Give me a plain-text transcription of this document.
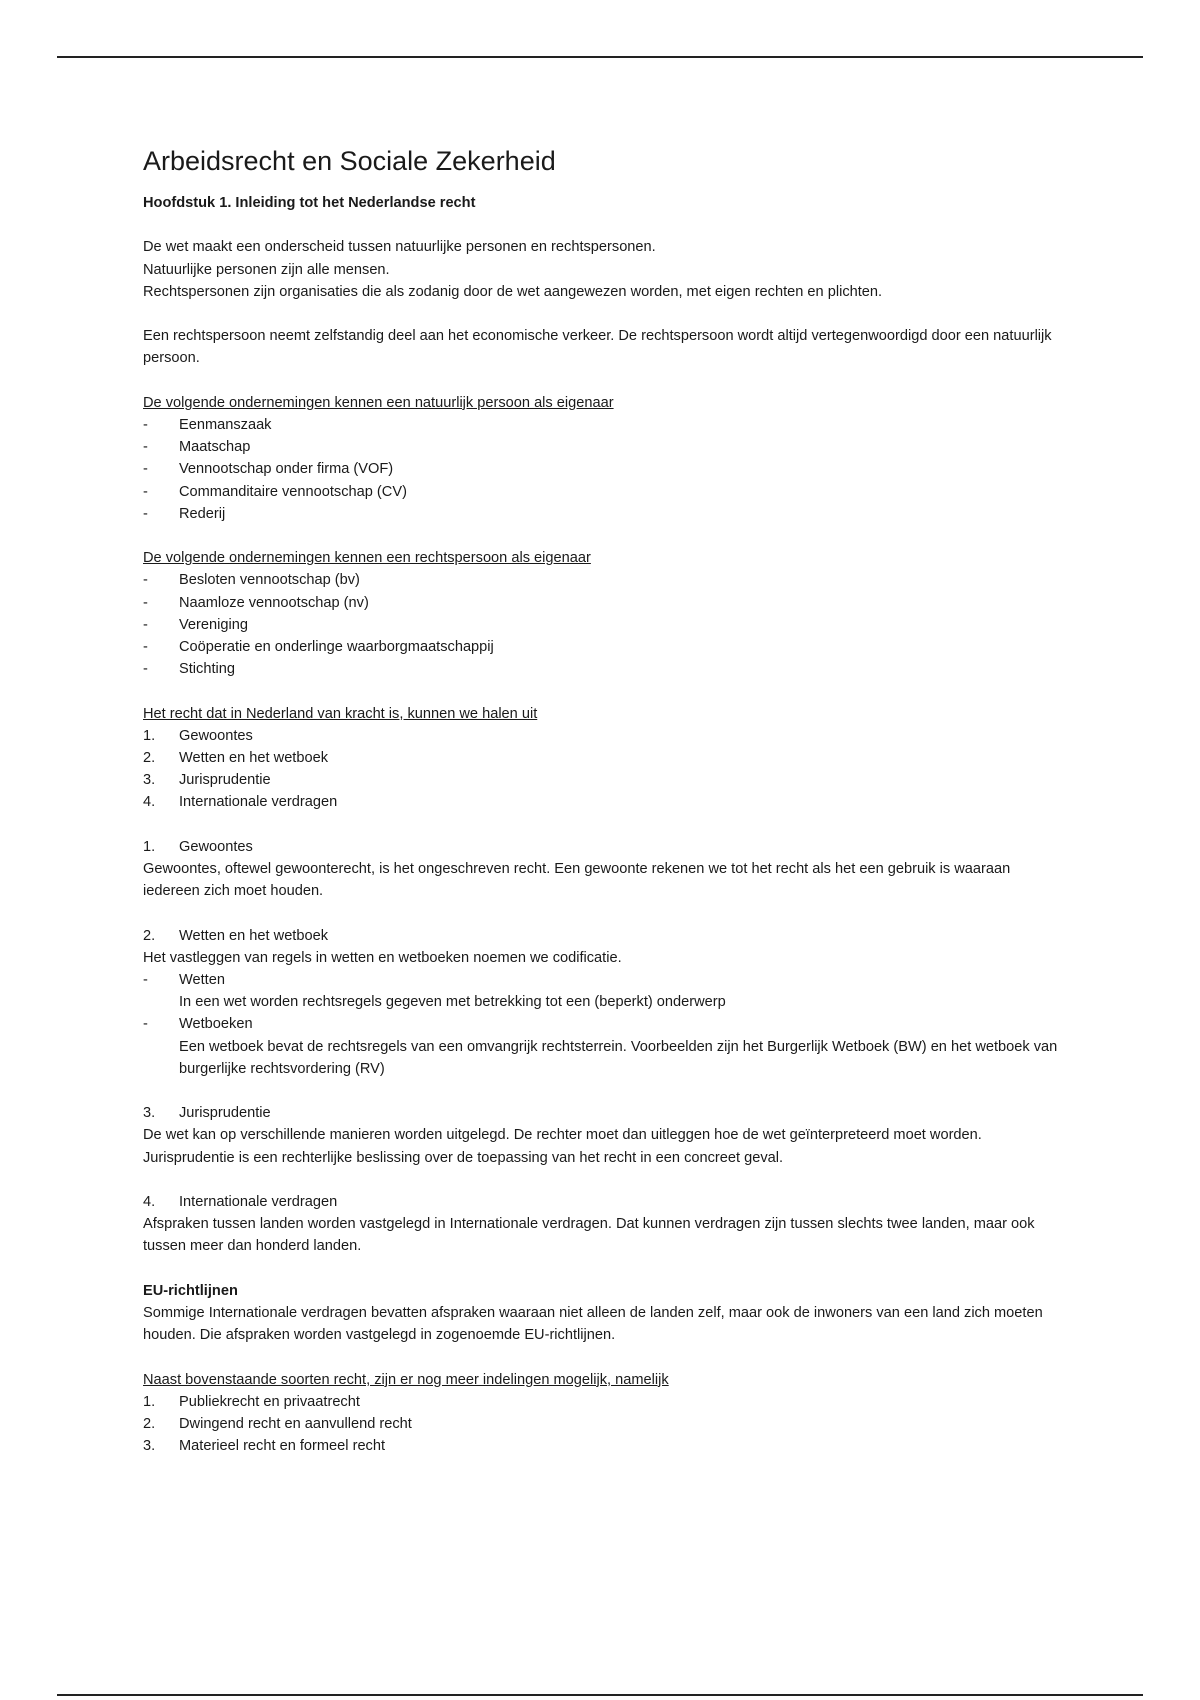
Arbeidsrecht en Sociale Zekerheid

Hoofdstuk 1. Inleiding tot het Nederlandse recht

De wet maakt een onderscheid tussen natuurlijke personen en rechtspersonen.

Natuurlijke personen zijn alle mensen.

Rechtspersonen zijn organisaties die als zodanig door de wet aangewezen worden, met eigen rechten en plichten.

Een rechtspersoon neemt zelfstandig deel aan het economische verkeer. De rechtspersoon wordt altijd vertegenwoordigd door een natuurlijk persoon.

De volgende ondernemingen kennen een natuurlijk persoon als eigenaar

-	Eenmanszaak
-	Maatschap
-	Vennootschap onder firma (VOF)
-	Commanditaire vennootschap (CV)
-	Rederij

De volgende ondernemingen kennen een rechtspersoon als eigenaar

-	Besloten vennootschap (bv)
-	Naamloze vennootschap (nv)
-	Vereniging
-	Coöperatie en onderlinge waarborgmaatschappij
-	Stichting

Het recht dat in Nederland van kracht is, kunnen we halen uit

1.	Gewoontes
2.	Wetten en het wetboek
3.	Jurisprudentie
4.	Internationale verdragen
1.	Gewoontes

Gewoontes, oftewel gewoonterecht, is het ongeschreven recht. Een gewoonte rekenen we tot het recht als het een gebruik is waaraan iedereen zich moet houden.

2.	Wetten en het wetboek

Het vastleggen van regels in wetten en wetboeken noemen we codificatie.

-	Wetten

In een wet worden rechtsregels gegeven met betrekking tot een (beperkt) onderwerp

-	Wetboeken

Een wetboek bevat de rechtsregels van een omvangrijk rechtsterrein. Voorbeelden zijn het Burgerlijk Wetboek (BW) en het wetboek van burgerlijke rechtsvordering (RV)

3.	Jurisprudentie

De wet kan op verschillende manieren worden uitgelegd. De rechter moet dan uitleggen hoe de wet geïnterpreteerd moet worden. Jurisprudentie is een rechterlijke beslissing over de toepassing van het recht in een concreet geval.

4.	Internationale verdragen

Afspraken tussen landen worden vastgelegd in Internationale verdragen. Dat kunnen verdragen zijn tussen slechts twee landen, maar ook tussen meer dan honderd landen.

EU-richtlijnen

Sommige Internationale verdragen bevatten afspraken waaraan niet alleen de landen zelf, maar ook de inwoners van een land zich moeten houden. Die afspraken worden vastgelegd in zogenoemde EU-richtlijnen.

Naast bovenstaande soorten recht, zijn er nog meer indelingen mogelijk, namelijk

1.	Publiekrecht en privaatrecht
2.	Dwingend recht en aanvullend recht
3.	Materieel recht en formeel recht
